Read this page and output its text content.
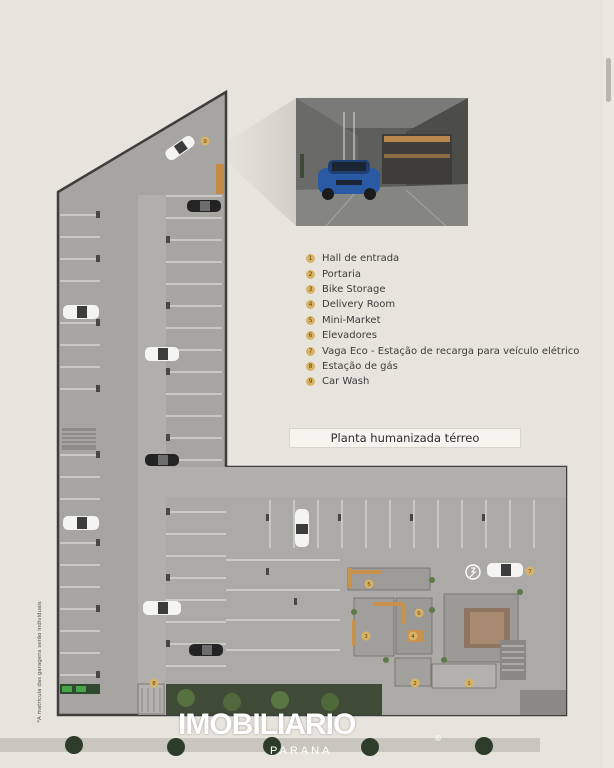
9
8
7
5
6
3	4
2	1
1 Hall de entrada
2 Portaria
3 Bike Storage
4 Delivery Room
5 Mini-Market
6 Elevadores
7 Vaga Eco - Estação de recarga para veículo elétrico
8 Estação de gás
9 Car Wash
Planta humanizada térreo
*A matrícula das garagens serão individuais
IMOBILIARIO	®
PARANA
